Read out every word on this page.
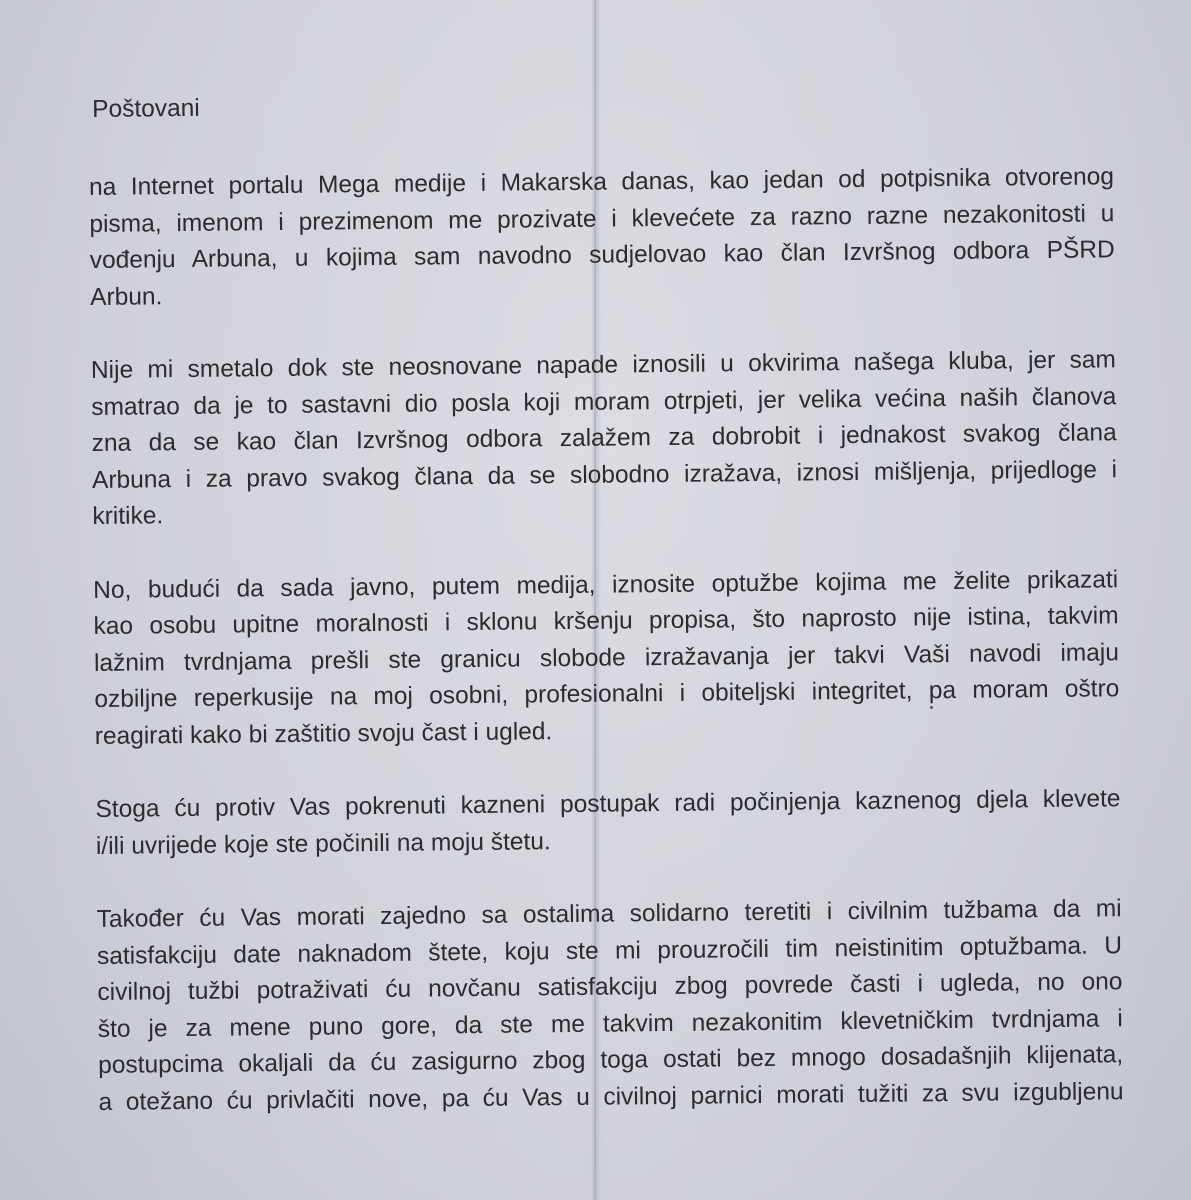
Poštovani
na Internet portalu Mega medije i Makarska danas, kao jedan od potpisnika otvorenog
pisma, imenom i prezimenom me prozivate i klevećete za razno razne nezakonitosti u
vođenju Arbuna, u kojima sam navodno sudjelovao kao član Izvršnog odbora PŠRD
Arbun.
Nije mi smetalo dok ste neosnovane napade iznosili u okvirima našega kluba, jer sam
smatrao da je to sastavni dio posla koji moram otrpjeti, jer velika većina naših članova
zna da se kao član Izvršnog odbora zalažem za dobrobit i jednakost svakog člana
Arbuna i za pravo svakog člana da se slobodno izražava, iznosi mišljenja, prijedloge i
kritike.
No, budući da sada javno, putem medija, iznosite optužbe kojima me želite prikazati
kao osobu upitne moralnosti i sklonu kršenju propisa, što naprosto nije istina, takvim
lažnim tvrdnjama prešli ste granicu slobode izražavanja jer takvi Vaši navodi imaju
ozbiljne reperkusije na moj osobni, profesionalni i obiteljski integritet, pa moram oštro
reagirati kako bi zaštitio svoju čast i ugled.
Stoga ću protiv Vas pokrenuti kazneni postupak radi počinjenja kaznenog djela klevete
i/ili uvrijede koje ste počinili na moju štetu.
Također ću Vas morati zajedno sa ostalima solidarno teretiti i civilnim tužbama da mi
satisfakciju date naknadom štete, koju ste mi prouzročili tim neistinitim optužbama. U
civilnoj tužbi potraživati ću novčanu satisfakciju zbog povrede časti i ugleda, no ono
što je za mene puno gore, da ste me takvim nezakonitim klevetničkim tvrdnjama i
postupcima okaljali da ću zasigurno zbog toga ostati bez mnogo dosadašnjih klijenata,
a otežano ću privlačiti nove, pa ću Vas u civilnoj parnici morati tužiti za svu izgubljenu
